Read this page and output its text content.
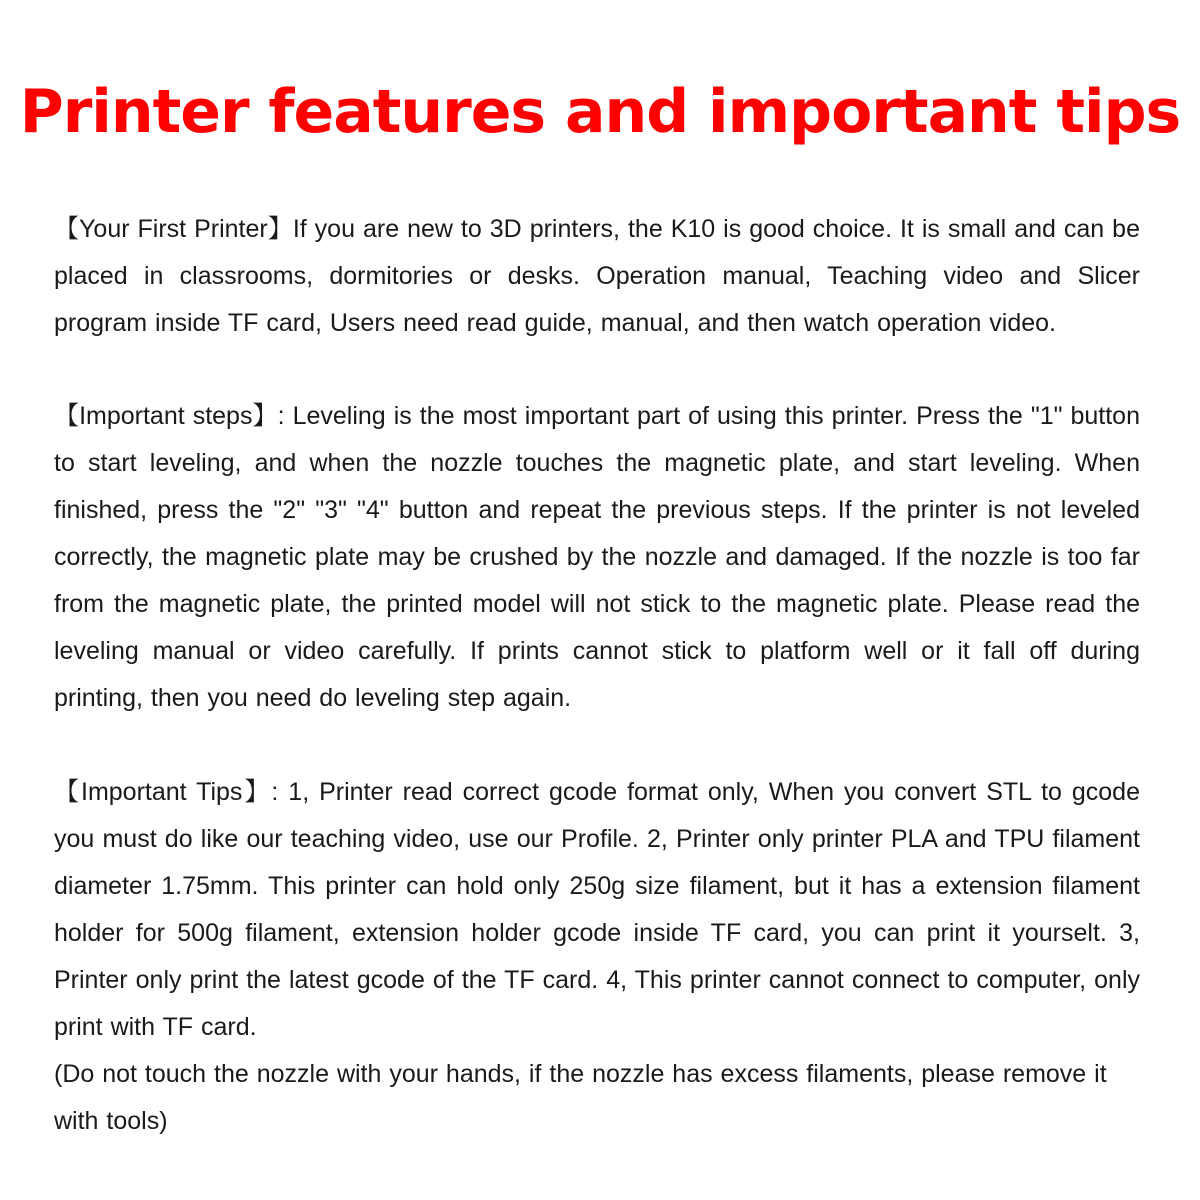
Printer features and important tips

【Your First Printer】If you are new to 3D printers, the K10 is good choice. It is small and can be placed in classrooms, dormitories or desks. Operation manual, Teaching video and Slicer program inside TF card, Users need read guide, manual, and then watch operation video.

【Important steps】: Leveling is the most important part of using this printer. Press the "1" button to start leveling, and when the nozzle touches the magnetic plate, and start leveling. When finished, press the "2" "3" "4" button and repeat the previous steps. If the printer is not leveled correctly, the magnetic plate may be crushed by the nozzle and damaged. If the nozzle is too far from the magnetic plate, the printed model will not stick to the magnetic plate. Please read the leveling manual or video carefully. If prints cannot stick to platform well or it fall off during printing, then you need do leveling step again.

【Important Tips】: 1, Printer read correct gcode format only, When you convert STL to gcode you must do like our teaching video, use our Profile. 2, Printer only printer PLA and TPU filament diameter 1.75mm. This printer can hold only 250g size filament, but it has a extension filament holder for 500g filament, extension holder gcode inside TF card, you can print it yourselt. 3, Printer only print the latest gcode of the TF card. 4, This printer cannot connect to computer, only print with TF card.

(Do not touch the nozzle with your hands, if the nozzle has excess filaments, please remove it with tools)
